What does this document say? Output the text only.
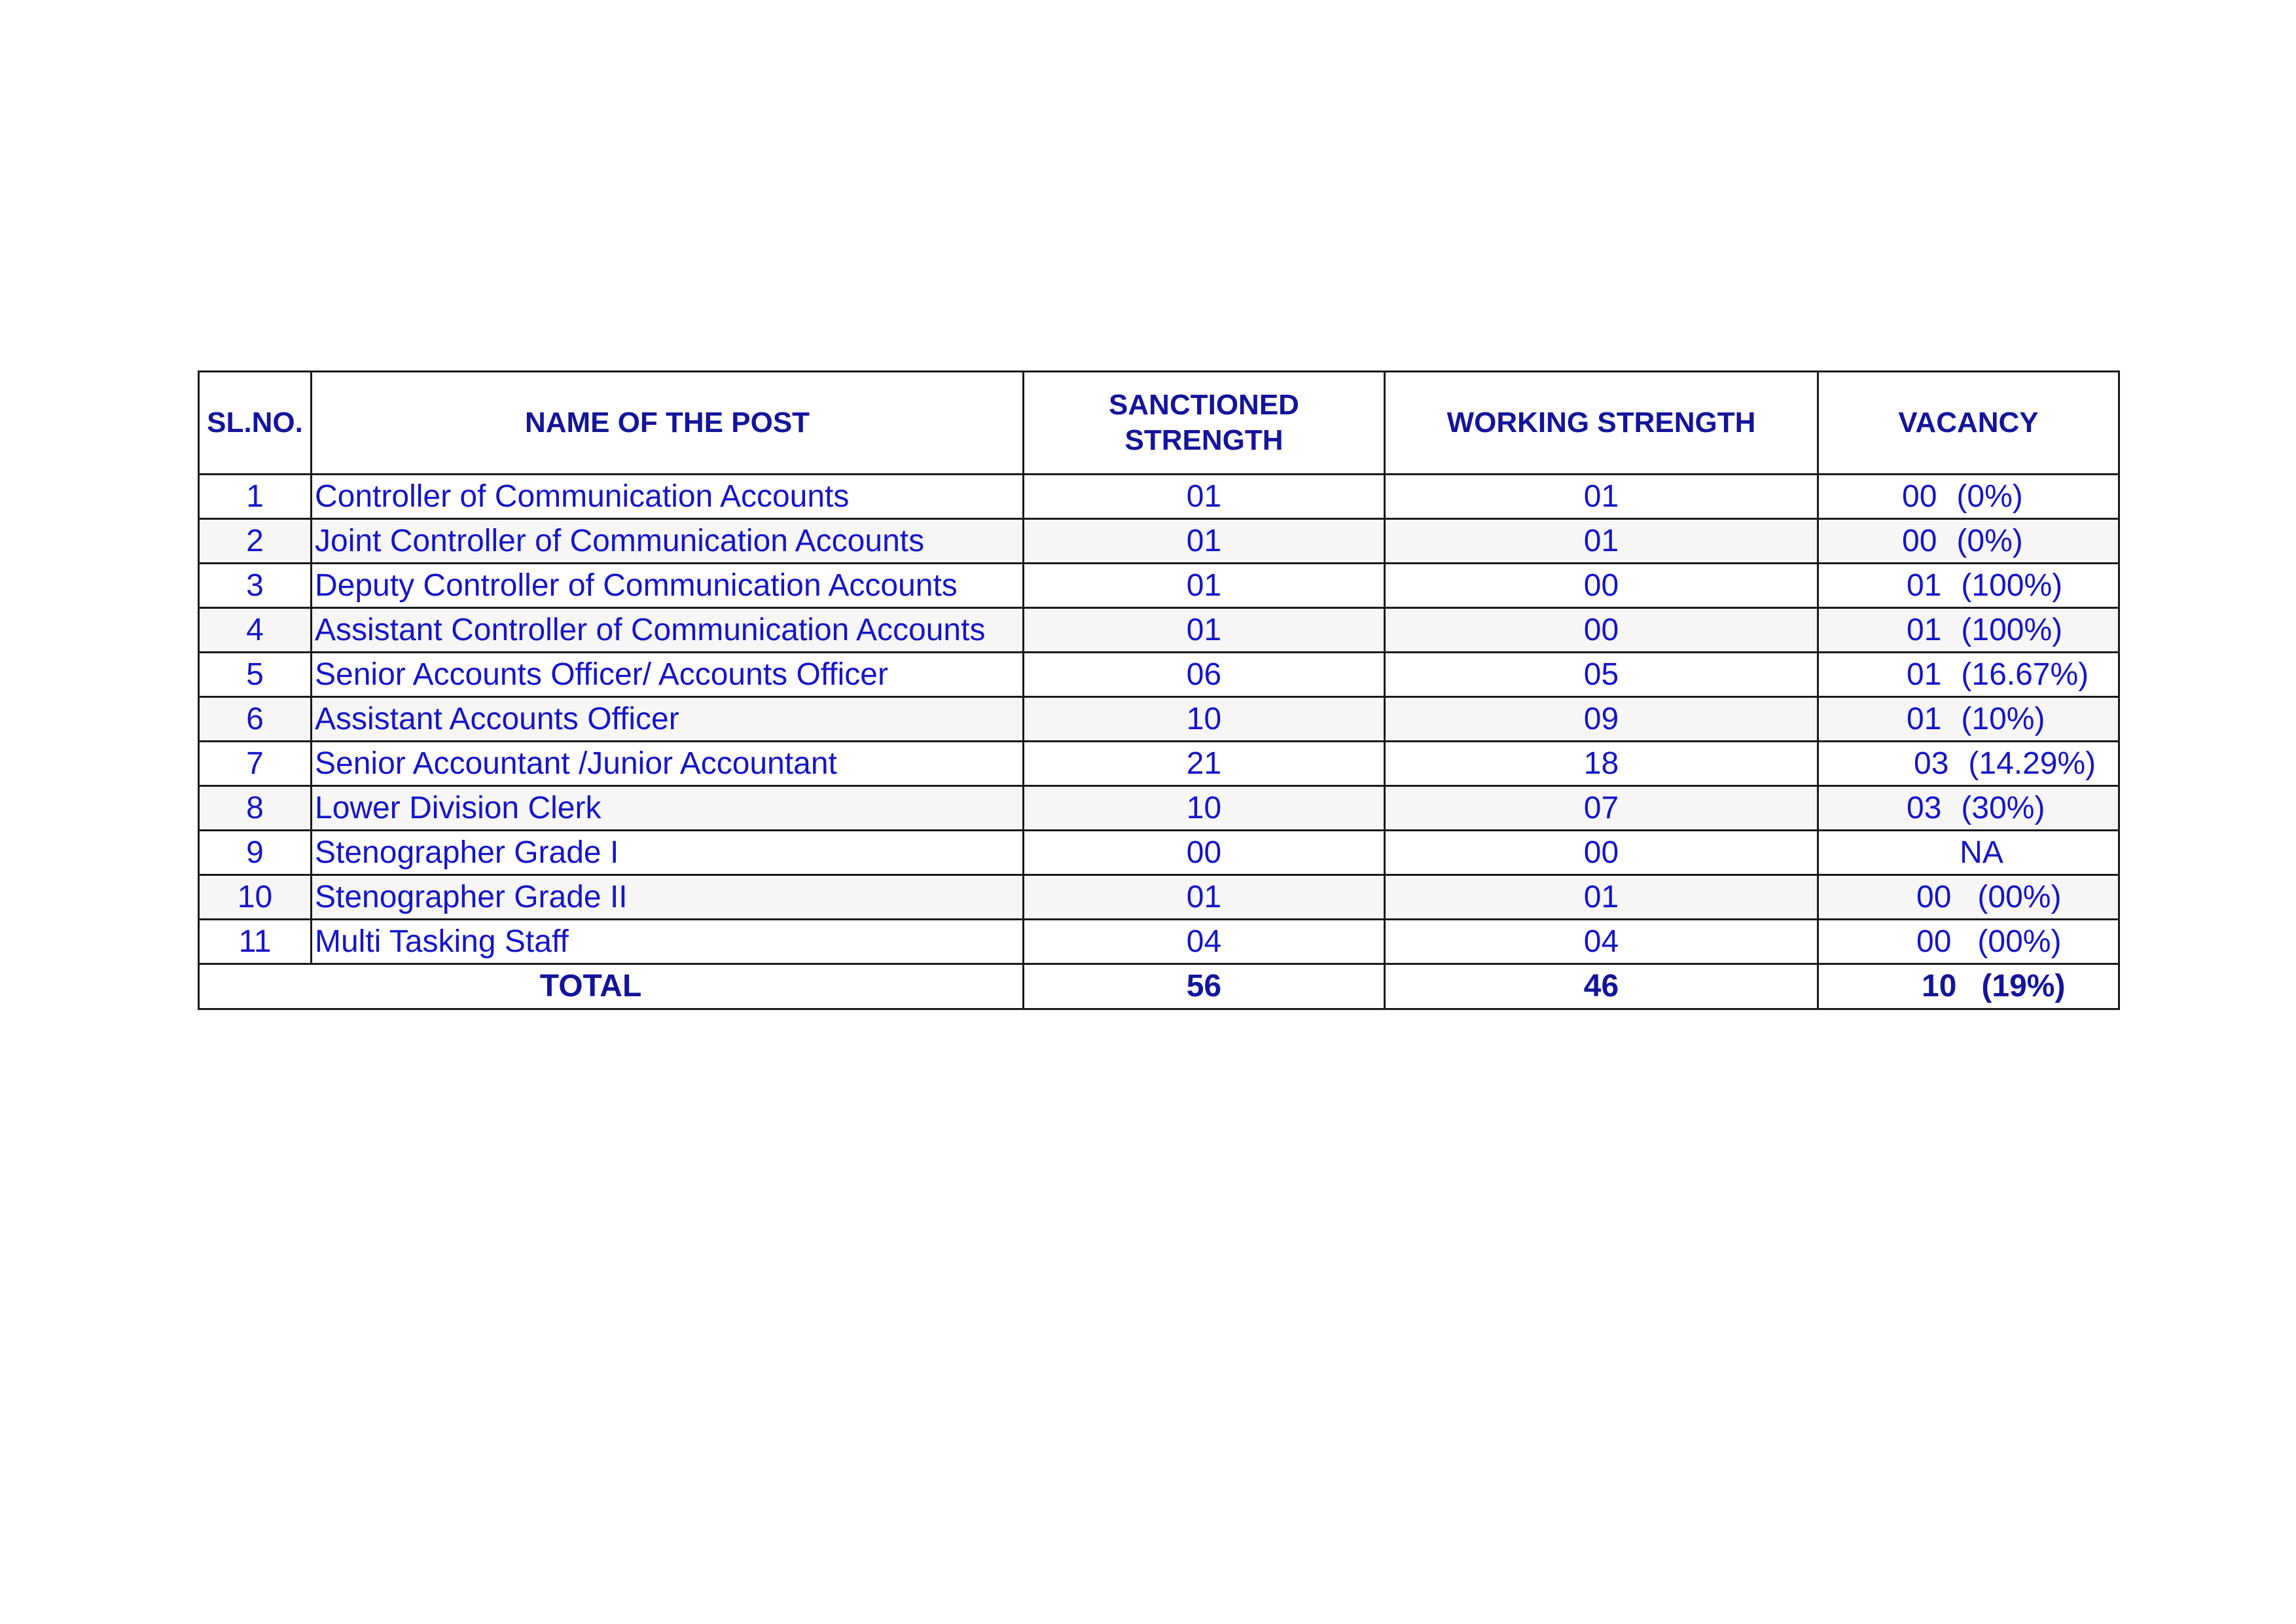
SL.NO.	NAME OF THE POST	SANCTIONED STRENGTH	WORKING STRENGTH	VACANCY
1	Controller of Communication Accounts	01	01	00 (0%)
2	Joint Controller of Communication Accounts	01	01	00 (0%)
3	Deputy Controller of Communication Accounts	01	00	01 (100%)
4	Assistant Controller of Communication Accounts	01	00	01 (100%)
5	Senior Accounts Officer/ Accounts Officer	06	05	01 (16.67%)
6	Assistant Accounts Officer	10	09	01 (10%)
7	Senior Accountant /Junior Accountant	21	18	03 (14.29%)
8	Lower Division Clerk	10	07	03 (30%)
9	Stenographer Grade I	00	00	NA
10	Stenographer Grade II	01	01	00 (00%)
11	Multi Tasking Staff	04	04	00 (00%)
TOTAL		56	46	10 (19%)
